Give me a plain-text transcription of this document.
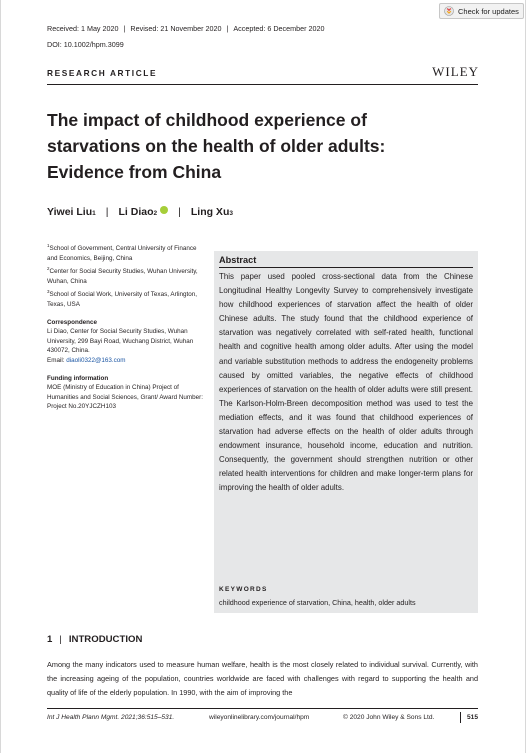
Received: 1 May 2020 | Revised: 21 November 2020 | Accepted: 6 December 2020
DOI: 10.1002/hpm.3099
Check for updates
RESEARCH ARTICLE	WILEY
The impact of childhood experience of
starvations on the health of older adults:
Evidence from China
Yiwei Liu 1 | Li Diao 2 | Ling Xu 3

$^1$School of Government, Central University of Finance and Economics, Beijing, China

$^2$Center for Social Security Studies, Wuhan University, Wuhan, China

$^3$School of Social Work, University of Texas, Arlington, Texas, USA

Correspondence

Li Diao, Center for Social Security Studies, Wuhan University, 299 Bayi Road, Wuchang District, Wuhan 430072, China.

Email: diaoli0322@163.com

Funding information

MOE (Ministry of Education in China) Project of Humanities and Social Sciences, Grant/ Award Number: Project No.20YJCZH103

Abstract
This paper used pooled cross-sectional data from the Chinese Longitudinal Healthy Longevity Survey to comprehensively investigate how childhood experiences of starvation affect the health of older Chinese adults. The study found that the childhood experience of starvation was negatively correlated with self-rated health, functional health and cognitive health among older adults. After using the model and variable substitution methods to address the endogeneity problems caused by omitted variables, the negative effects of childhood experiences of starvation on the health of older adults were still present. The Karlson-Holm-Breen decomposition method was used to test the mediation effects, and it was found that childhood experiences of starvation had adverse effects on the health of older adults through endowment insurance, household income, education and nutrition. Consequently, the government should strengthen nutrition or other related health interventions for children and make longer-term plans for improving the health of older adults.
KEYWORDS
childhood experience of starvation, China, health, older adults
1 | INTRODUCTION
Among the many indicators used to measure human welfare, health is the most closely related to individual survival. Currently, with the increasing ageing of the population, countries worldwide are faced with challenges with regard to supporting the health and quality of life of the elderly population. In 1990, with the aim of improving the
Int J Health Plann Mgmt. 2021;36:515–531.	wileyonlinelibrary.com/journal/hpm	© 2020 John Wiley & Sons Ltd.	515
